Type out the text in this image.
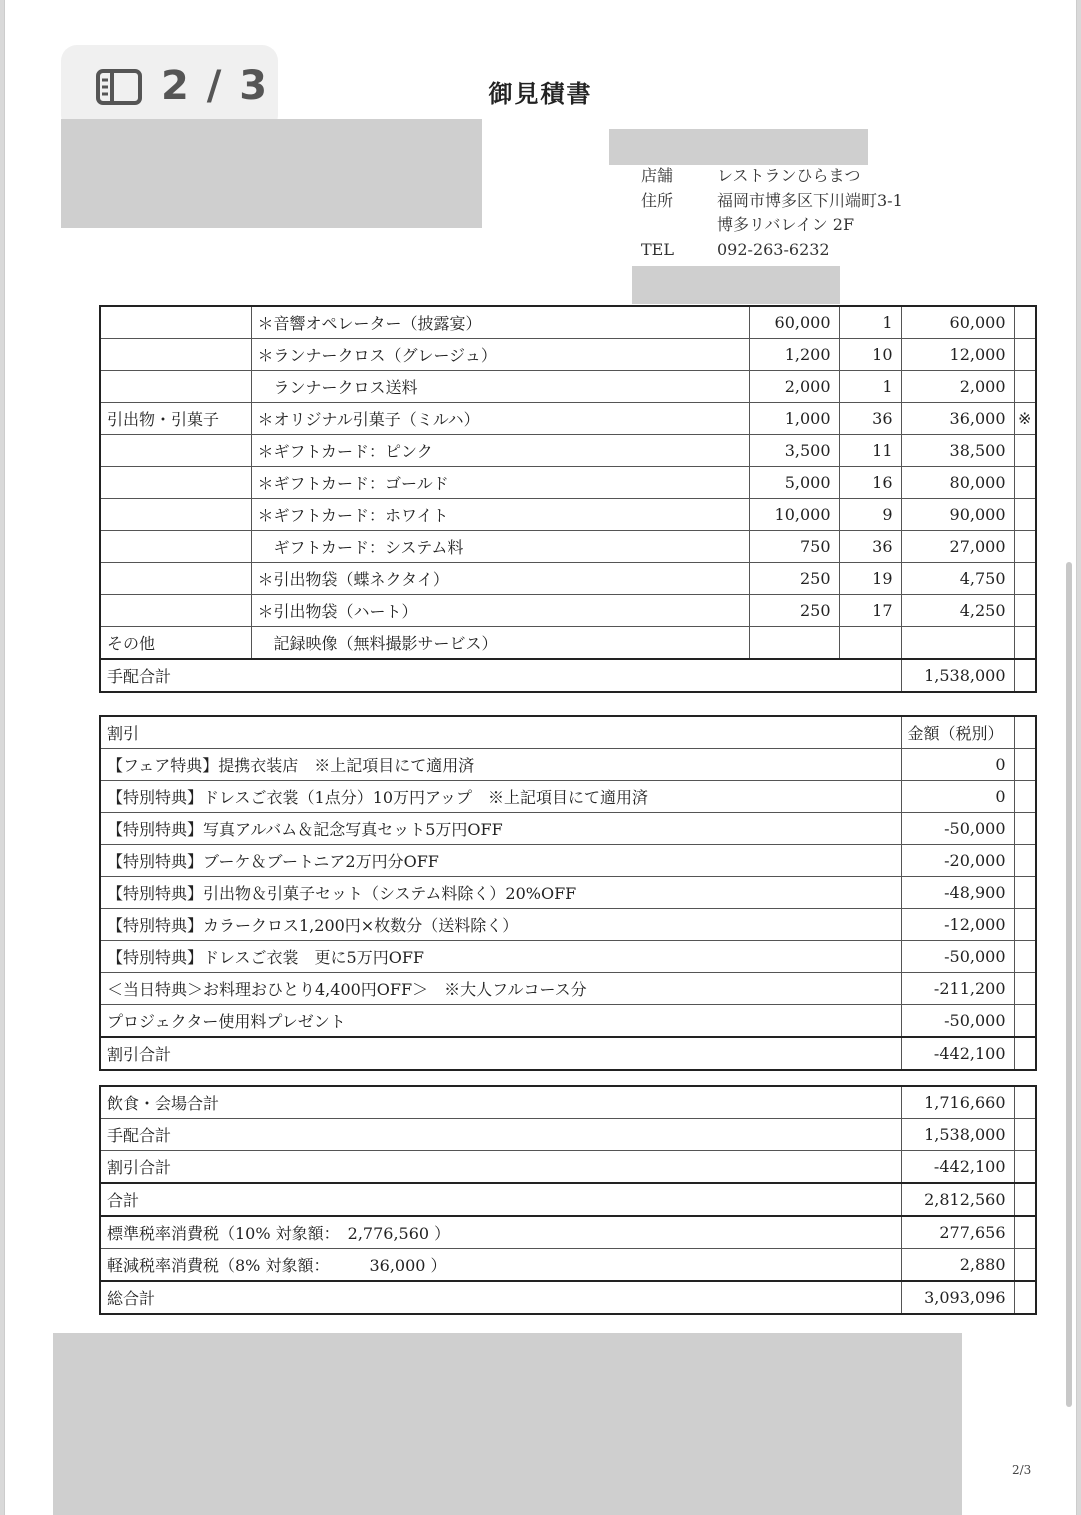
2 / 3	御見積書
店舗	レストランひらまつ
住所	福岡市博多区下川端町3-1
博多リバレイン 2F
TEL	092-263-6232
	＊音響オペレーター（披露宴）	60,000	1	60,000	
	＊ランナークロス（グレージュ）	1,200	10	12,000	
	　ランナークロス送料	2,000	1	2,000	
引出物・引菓子	＊オリジナル引菓子（ミルハ）	1,000	36	36,000	※
	＊ギフトカード：ピンク	3,500	11	38,500	
	＊ギフトカード：ゴールド	5,000	16	80,000	
	＊ギフトカード：ホワイト	10,000	9	90,000	
	　ギフトカード：システム料	750	36	27,000	
	＊引出物袋（蝶ネクタイ）	250	19	4,750	
	＊引出物袋（ハート）	250	17	4,250	
その他	　記録映像（無料撮影サービス）				
手配合計				1,538,000	
割引	金額（税別）	
【フェア特典】提携衣装店　※上記項目にて適用済	0	
【特別特典】ドレスご衣裳（1点分）10万円アップ　※上記項目にて適用済	0	
【特別特典】写真アルバム＆記念写真セット5万円OFF	-50,000	
【特別特典】ブーケ＆ブートニア2万円分OFF	-20,000	
【特別特典】引出物＆引菓子セット（システム料除く）20%OFF	-48,900	
【特別特典】カラークロス1,200円×枚数分（送料除く）	-12,000	
【特別特典】ドレスご衣裳　更に5万円OFF	-50,000	
＜当日特典＞お料理おひとり4,400円OFF＞　※大人フルコース分	-211,200	
プロジェクター使用料プレゼント	-50,000	
割引合計	-442,100	
飲食・会場合計	1,716,660	
手配合計	1,538,000	
割引合計	-442,100	
合計	2,812,560	
標準税率消費税（10% 対象額：　2,776,560 ）	277,656	
軽減税率消費税（8% 対象額：　　　36,000 ）	2,880	
総合計	3,093,096	
2/3
